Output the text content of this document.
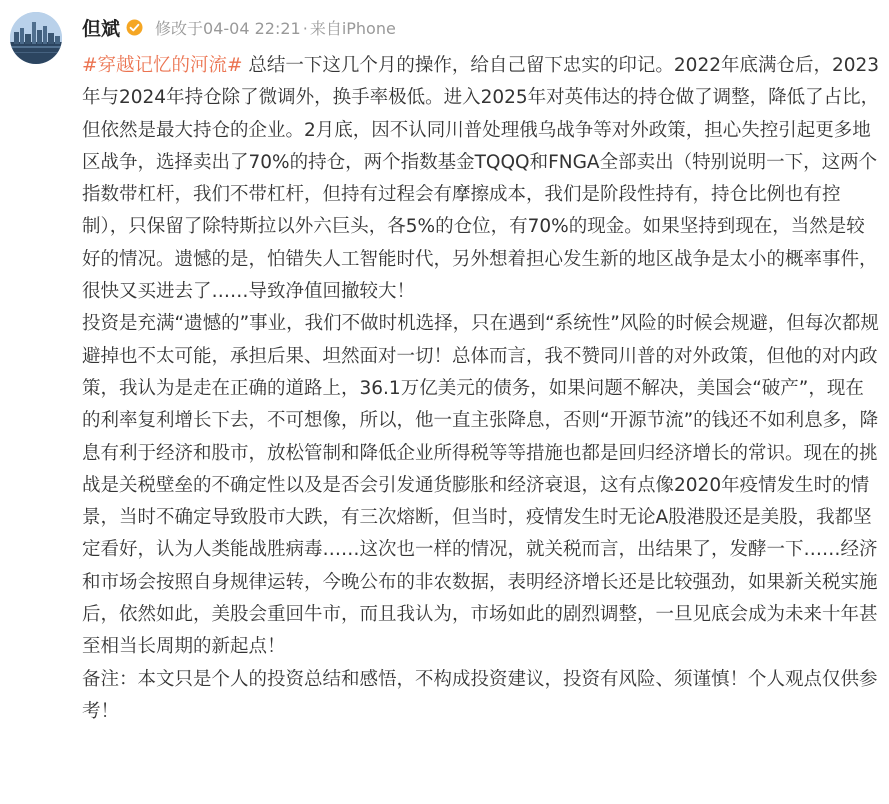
但斌 修改于04-04 22:21 · 来自iPhone

#穿越记忆的河流# 总结一下这几个月的操作，给自己留下忠实的印记。2022年底满仓后，2023年与2024年持仓除了微调外，换手率极低。进入2025年对英伟达的持仓做了调整，降低了占比，但依然是最大持仓的企业。2月底，因不认同川普处理俄乌战争等对外政策，担心失控引起更多地区战争，选择卖出了70%的持仓，两个指数基金TQQQ和FNGA全部卖出（特别说明一下，这两个指数带杠杆，我们不带杠杆，但持有过程会有摩擦成本，我们是阶段性持有，持仓比例也有控制），只保留了除特斯拉以外六巨头，各5%的仓位，有70%的现金。如果坚持到现在，当然是较好的情况。遗憾的是，怕错失人工智能时代，另外想着担心发生新的地区战争是太小的概率事件，很快又买进去了……导致净值回撤较大！

投资是充满“遗憾的”事业，我们不做时机选择，只在遇到“系统性”风险的时候会规避，但每次都规避掉也不太可能，承担后果、坦然面对一切！总体而言，我不赞同川普的对外政策，但他的对内政策，我认为是走在正确的道路上，36.1万亿美元的债务，如果问题不解决，美国会“破产”，现在的利率复利增长下去，不可想像，所以，他一直主张降息，否则“开源节流”的钱还不如利息多，降息有利于经济和股市，放松管制和降低企业所得税等等措施也都是回归经济增长的常识。现在的挑战是关税壁垒的不确定性以及是否会引发通货膨胀和经济衰退，这有点像2020年疫情发生时的情景，当时不确定导致股市大跌，有三次熔断，但当时，疫情发生时无论A股港股还是美股，我都坚定看好，认为人类能战胜病毒……这次也一样的情况，就关税而言，出结果了，发酵一下……经济和市场会按照自身规律运转，今晚公布的非农数据，表明经济增长还是比较强劲，如果新关税实施后，依然如此，美股会重回牛市，而且我认为，市场如此的剧烈调整，一旦见底会成为未来十年甚至相当长周期的新起点！

备注：本文只是个人的投资总结和感悟，不构成投资建议，投资有风险、须谨慎！个人观点仅供参考！
